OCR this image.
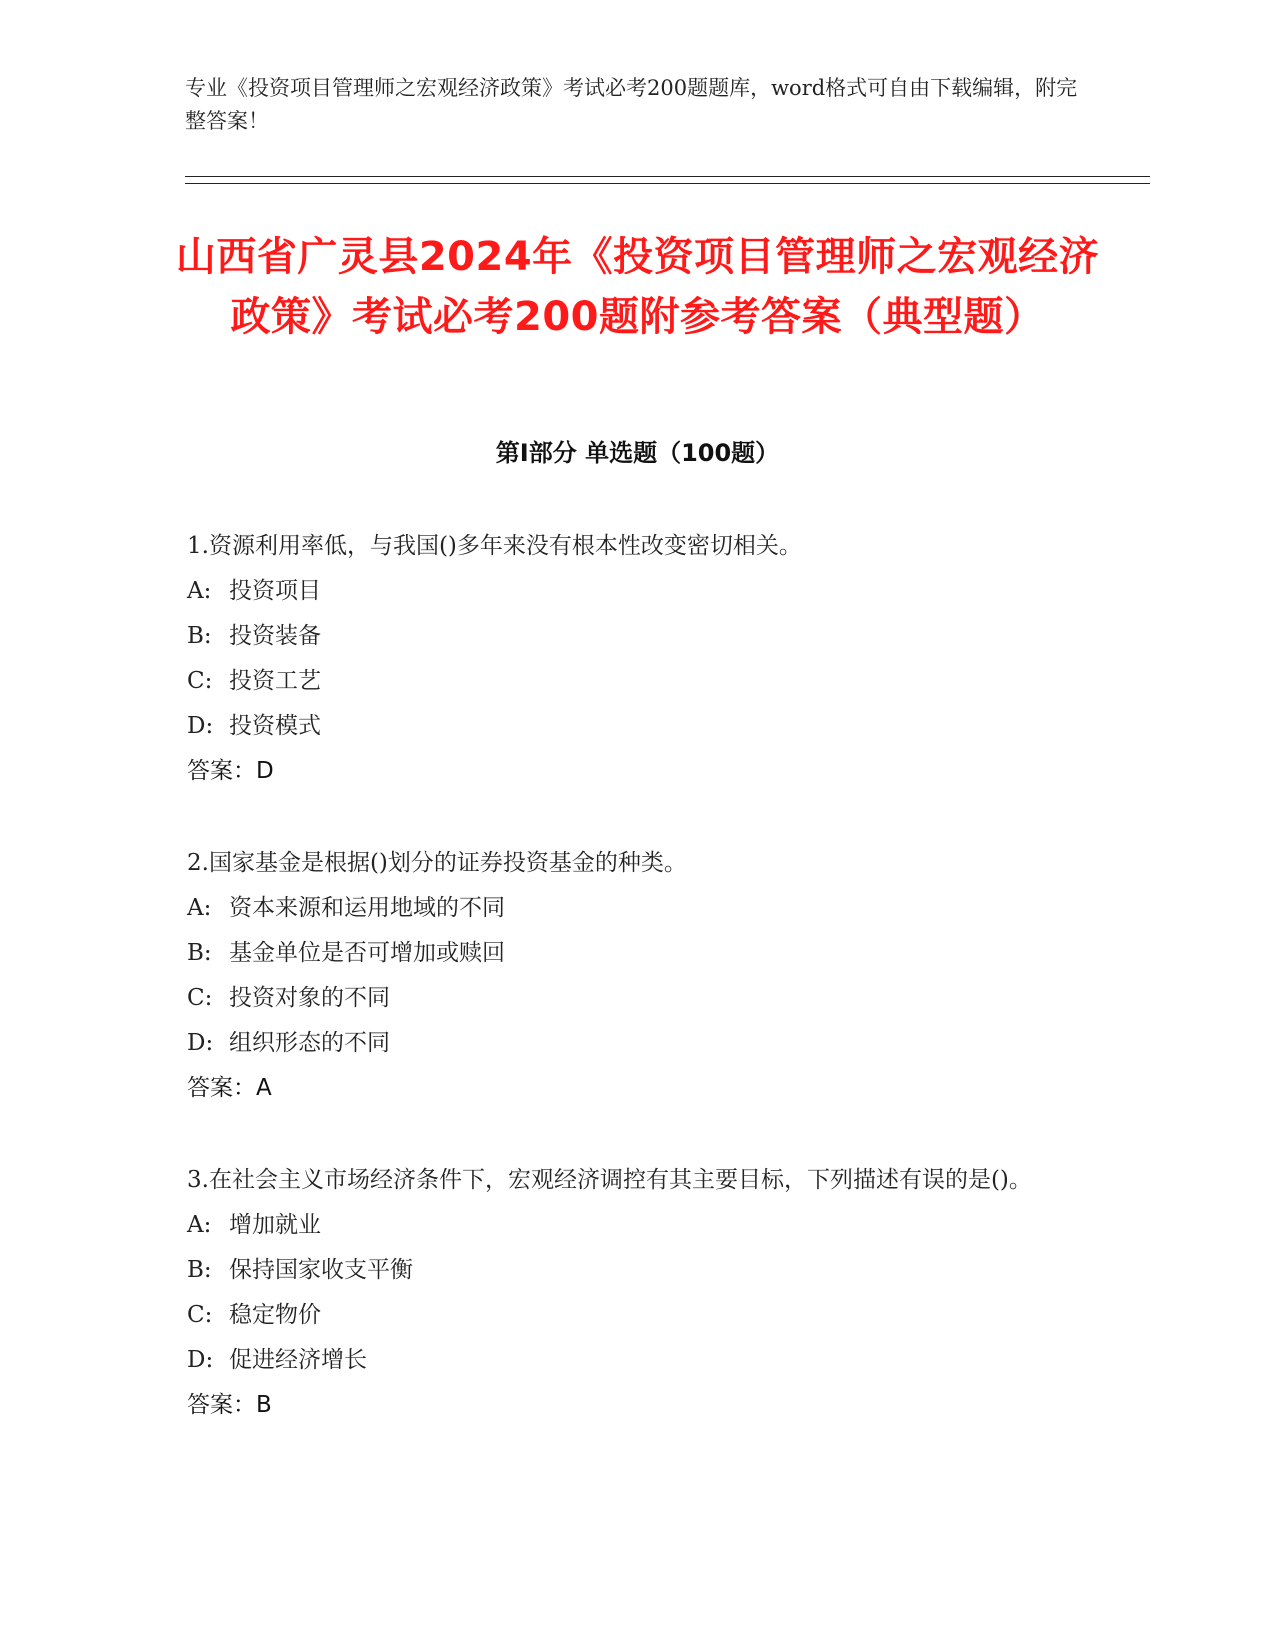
专业《投资项目管理师之宏观经济政策》考试必考200题题库，word格式可自由下载编辑，附完整答案！
山西省广灵县2024年《投资项目管理师之宏观经济政策》考试必考200题附参考答案（典型题）
第I部分 单选题（100题）

1.资源利用率低，与我国()多年来没有根本性改变密切相关。

A: 投资项目

B: 投资装备

C: 投资工艺

D: 投资模式

答案：D

2.国家基金是根据()划分的证券投资基金的种类。

A: 资本来源和运用地域的不同

B: 基金单位是否可增加或赎回

C: 投资对象的不同

D: 组织形态的不同

答案：A

3.在社会主义市场经济条件下，宏观经济调控有其主要目标，下列描述有误的是()。

A: 增加就业

B: 保持国家收支平衡

C: 稳定物价

D: 促进经济增长

答案：B
